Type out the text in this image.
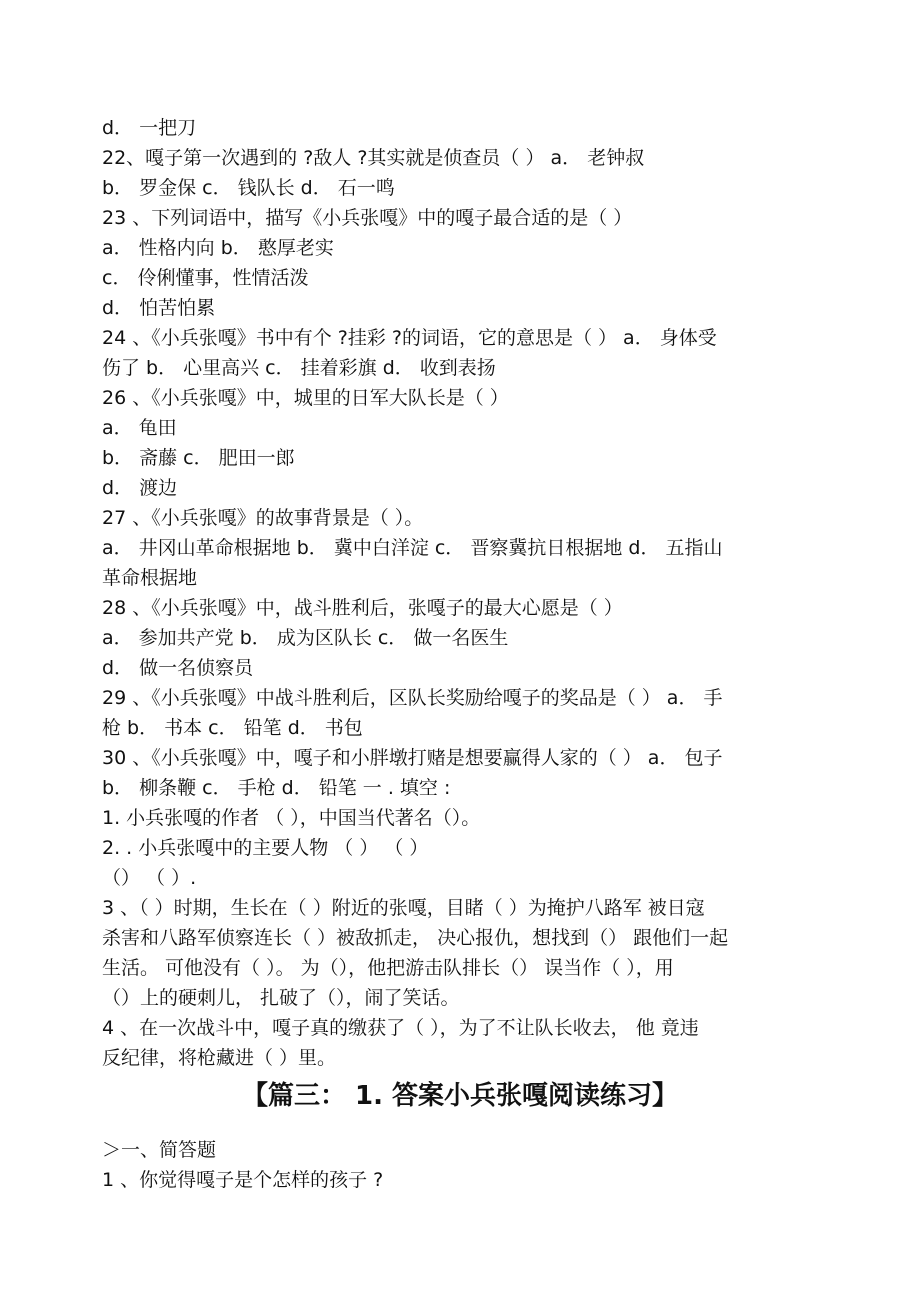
d． 一把刀
22、嘎子第一次遇到的 ?敌人 ?其实就是侦查员（ ） a． 老钟叔
b． 罗金保 c． 钱队长 d． 石一鸣
23 、下列词语中，描写《小兵张嘎》中的嘎子最合适的是（ ）
a． 性格内向 b． 憨厚老实
c． 伶俐懂事，性情活泼
d． 怕苦怕累
24 、《小兵张嘎》书中有个 ?挂彩 ?的词语，它的意思是（ ） a． 身体受
伤了 b． 心里高兴 c． 挂着彩旗 d． 收到表扬
26 、《小兵张嘎》中，城里的日军大队长是（ ）
a． 龟田
b． 斋藤 c． 肥田一郎
d． 渡边
27 、《小兵张嘎》的故事背景是（ ）。
a． 井冈山革命根据地 b． 冀中白洋淀 c． 晋察冀抗日根据地 d． 五指山
革命根据地
28 、《小兵张嘎》中，战斗胜利后，张嘎子的最大心愿是（ ）
a． 参加共产党 b． 成为区队长 c． 做一名医生
d． 做一名侦察员
29 、《小兵张嘎》中战斗胜利后，区队长奖励给嘎子的奖品是（ ） a． 手
枪 b． 书本 c． 铅笔 d． 书包
30 、《小兵张嘎》中，嘎子和小胖墩打赌是想要赢得人家的（ ） a． 包子
b． 柳条鞭 c． 手枪 d． 铅笔 一 . 填空 :
1. 小兵张嘎的作者 （ ），中国当代著名（）。
2. . 小兵张嘎中的主要人物 （ ） （ ）
（） （ ）.
3 、（ ）时期，生长在（ ）附近的张嘎，目睹（ ）为掩护八路军 被日寇
杀害和八路军侦察连长（ ）被敌抓走， 决心报仇，想找到（） 跟他们一起
生活。 可他没有（ ）。 为（），他把游击队排长（） 误当作（ ），用
（）上的硬刺儿， 扎破了（），闹了笑话。
4 、在一次战斗中，嘎子真的缴获了（ ），为了不让队长收去， 他 竟违
反纪律，将枪藏进（ ）里。
【篇三： 1. 答案小兵张嘎阅读练习】
＞一、简答题
1 、你觉得嘎子是个怎样的孩子 ?
